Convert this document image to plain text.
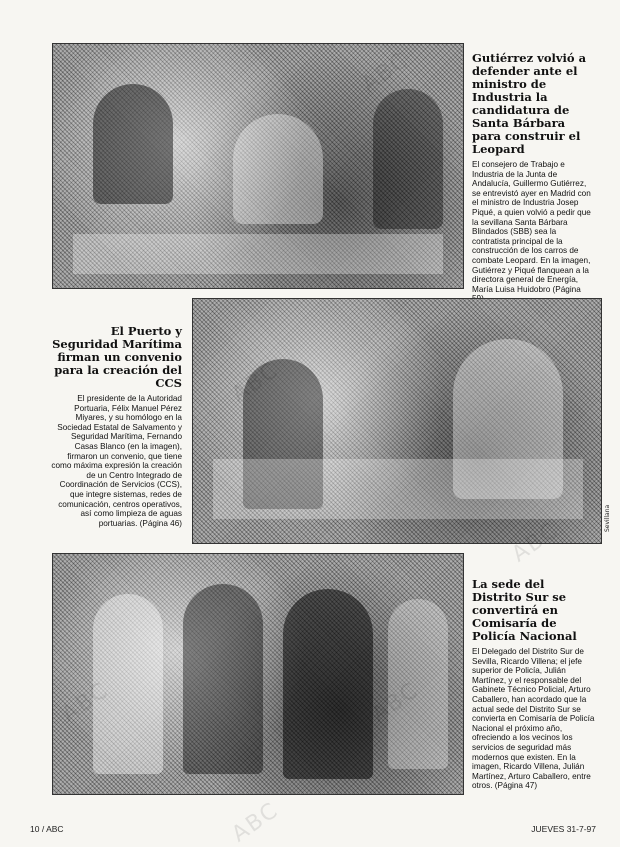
Gutiérrez volvió a defender ante el ministro de Industria la candidatura de Santa Bárbara para construir el Leopard

El consejero de Trabajo e Industria de la Junta de Andalucía, Guillermo Gutiérrez, se entrevistó ayer en Madrid con el ministro de Industria Josep Piqué, a quien volvió a pedir que la sevillana Santa Bárbara Blindados (SBB) sea la contratista principal de la construcción de los carros de combate Leopard. En la imagen, Gutiérrez y Piqué flanquean a la directora general de Energía, María Luisa Huidobro (Página

Sevillana
El Puerto y Seguridad Marítima firman un convenio para la creación del CCS

El presidente de la Autoridad Portuaria, Félix Manuel Pérez Miyares, y su homólogo en la Sociedad Estatal de Salvamento y Seguridad Marítima, Fernando Casas Blanco (en la imagen), firmaron un convenio, que tiene como máxima expresión la creación de un Centro Integrado de Coordinación de Servicios (CCS), que integre sistemas, redes de comunicación, centros operativos, así como limpieza de aguas portuarias. (Página 46)

La sede del Distrito Sur se convertirá en Comisaría de Policía Nacional

El Delegado del Distrito Sur de Sevilla, Ricardo Villena; el jefe superior de Policía, Julián Martínez, y el responsable del Gabinete Técnico Policial, Arturo Caballero, han acordado que la actual sede del Distrito Sur se convierta en Comisaría de Policía Nacional el próximo año, ofreciendo a los vecinos los servicios de seguridad más modernos que existen. En la imagen, Ricardo Villena, Julián Martínez, Arturo Caballero, entre otros. (Página 47)

ABC
10 / ABC	JUEVES 31-7-97
